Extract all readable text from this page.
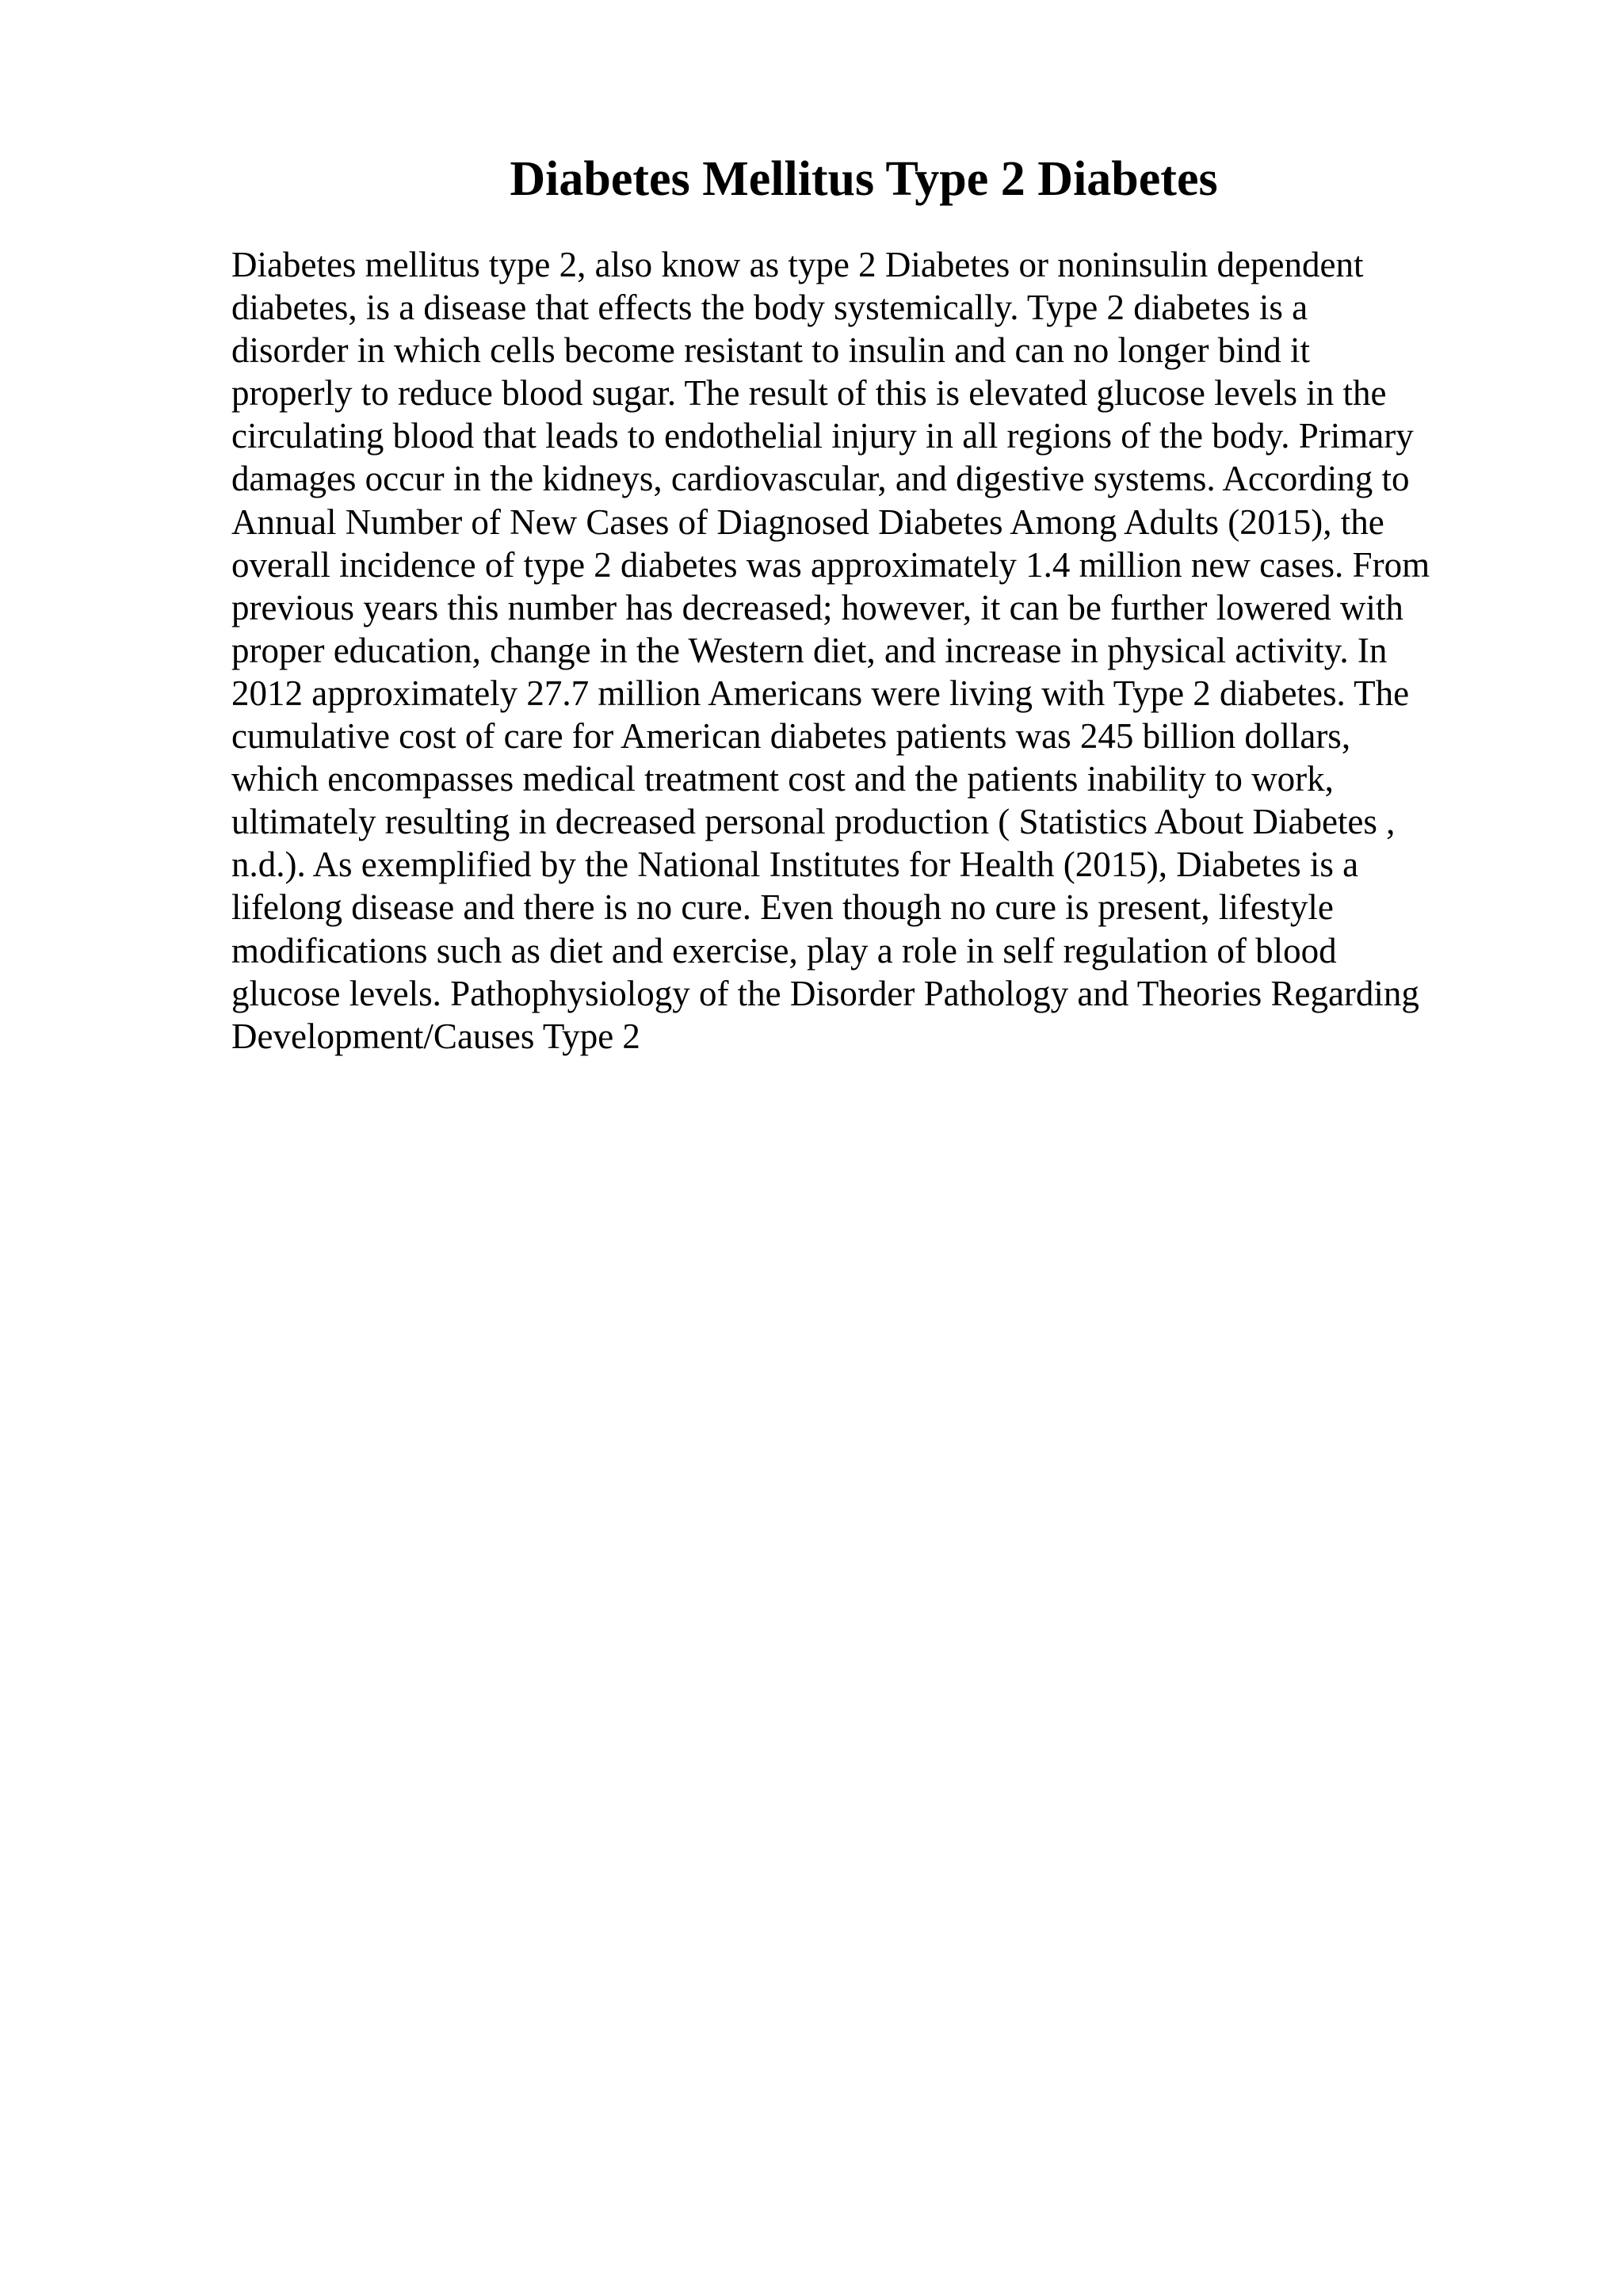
Diabetes Mellitus Type 2 Diabetes
Diabetes mellitus type 2, also know as type 2 Diabetes or noninsulin dependent
diabetes, is a disease that effects the body systemically. Type 2 diabetes is a
disorder in which cells become resistant to insulin and can no longer bind it
properly to reduce blood sugar. The result of this is elevated glucose levels in the
circulating blood that leads to endothelial injury in all regions of the body. Primary
damages occur in the kidneys, cardiovascular, and digestive systems. According to
Annual Number of New Cases of Diagnosed Diabetes Among Adults (2015), the
overall incidence of type 2 diabetes was approximately 1.4 million new cases. From
previous years this number has decreased; however, it can be further lowered with
proper education, change in the Western diet, and increase in physical activity. In
2012 approximately 27.7 million Americans were living with Type 2 diabetes. The
cumulative cost of care for American diabetes patients was 245 billion dollars,
which encompasses medical treatment cost and the patients inability to work,
ultimately resulting in decreased personal production ( Statistics About Diabetes ,
n.d.). As exemplified by the National Institutes for Health (2015), Diabetes is a
lifelong disease and there is no cure. Even though no cure is present, lifestyle
modifications such as diet and exercise, play a role in self regulation of blood
glucose levels. Pathophysiology of the Disorder Pathology and Theories Regarding
Development/Causes Type 2
